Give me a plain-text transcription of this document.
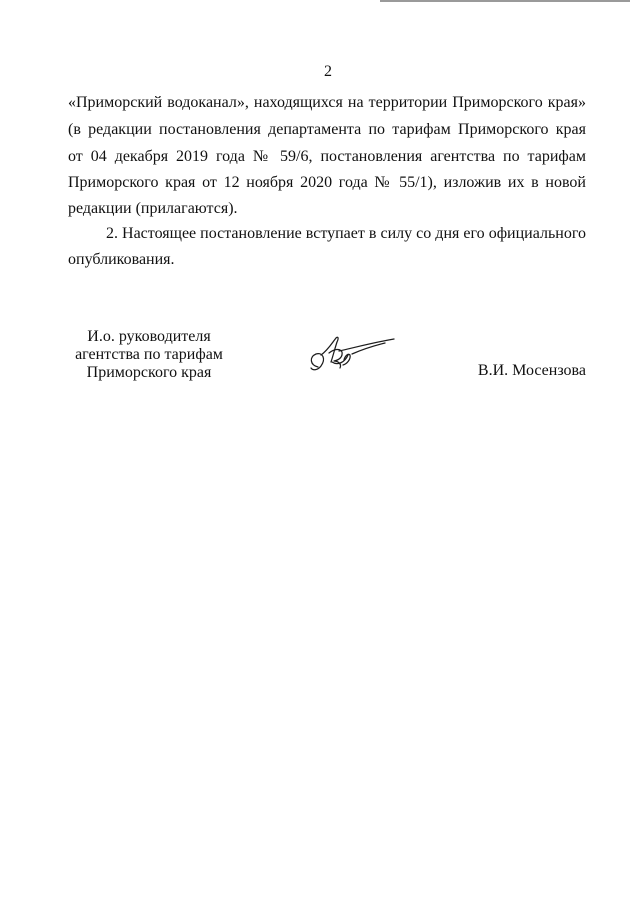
2
«Приморский водоканал», находящихся на территории Приморского края»
(в редакции постановления департамента по тарифам Приморского края
от 04 декабря 2019 года № 59/6, постановления агентства по тарифам
Приморского края от 12 ноября 2020 года № 55/1), изложив их в новой
редакции (прилагаются).
2. Настоящее постановление вступает в силу со дня его официального
опубликования.
И.о. руководителя
агентства по тарифам
Приморского края	В.И. Мосензова
